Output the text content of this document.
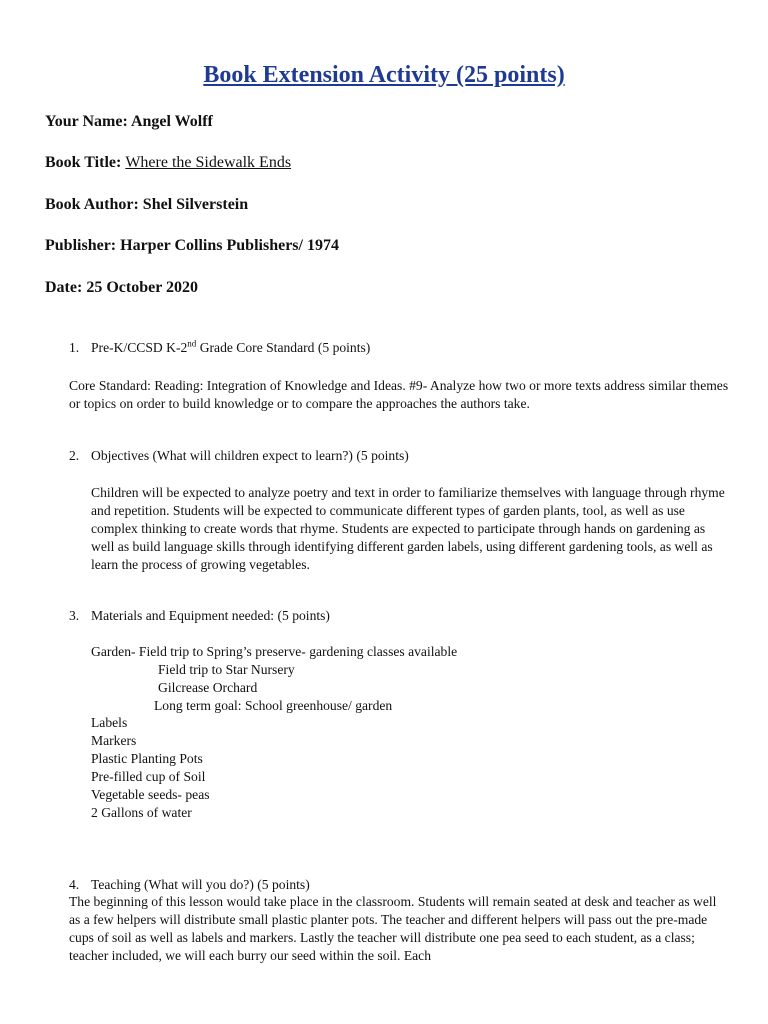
Book Extension Activity (25 points)

Your Name: Angel Wolff

Book Title: Where the Sidewalk Ends

Book Author: Shel Silverstein

Publisher: Harper Collins Publishers/ 1974

Date: 25 October 2020

1. Pre-K/CCSD K-2nd Grade Core Standard (5 points)

Core Standard: Reading: Integration of Knowledge and Ideas. #9- Analyze how two or more texts address similar themes or topics on order to build knowledge or to compare the approaches the authors take.

2. Objectives (What will children expect to learn?) (5 points)

Children will be expected to analyze poetry and text in order to familiarize themselves with language through rhyme and repetition. Students will be expected to communicate different types of garden plants, tool, as well as use complex thinking to create words that rhyme. Students are expected to participate through hands on gardening as well as build language skills through identifying different garden labels, using different gardening tools, as well as learn the process of growing vegetables.

3. Materials and Equipment needed: (5 points)

Garden- Field trip to Spring’s preserve- gardening classes available

Field trip to Star Nursery

Gilcrease Orchard

Long term goal: School greenhouse/ garden

Labels

Markers

Plastic Planting Pots

Pre-filled cup of Soil

Vegetable seeds- peas

2 Gallons of water

4. Teaching (What will you do?) (5 points)

The beginning of this lesson would take place in the classroom. Students will remain seated at desk and teacher as well as a few helpers will distribute small plastic planter pots. The teacher and different helpers will pass out the pre-made cups of soil as well as labels and markers. Lastly the teacher will distribute one pea seed to each student, as a class; teacher included, we will each burry our seed within the soil. Each
